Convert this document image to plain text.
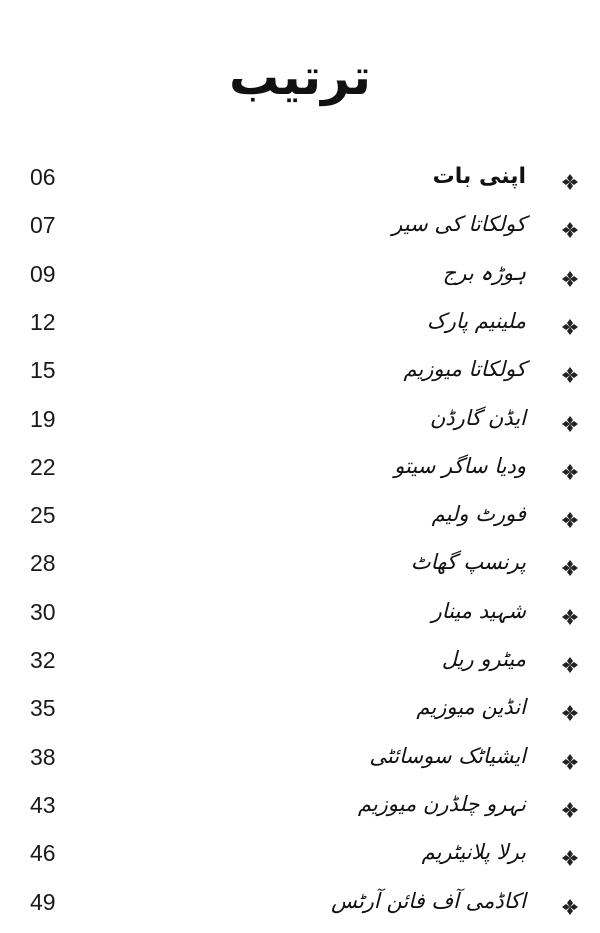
ترتیب
06	اپنی بات
07	کولکاتا کی سیر
09	ہوڑہ برج
12	ملینیم پارک
15	کولکاتا میوزیم
19	ایڈن گارڈن
22	ودیا ساگر سیتو
25	فورٹ ولیم
28	پرنسپ گھاٹ
30	شہید مینار
32	میٹرو ریل
35	انڈین میوزیم
38	ایشیاٹک سوسائٹی
43	نہرو چلڈرن میوزیم
46	برلا پلانیٹریم
49	اکاڈمی آف فائن آرٹس
